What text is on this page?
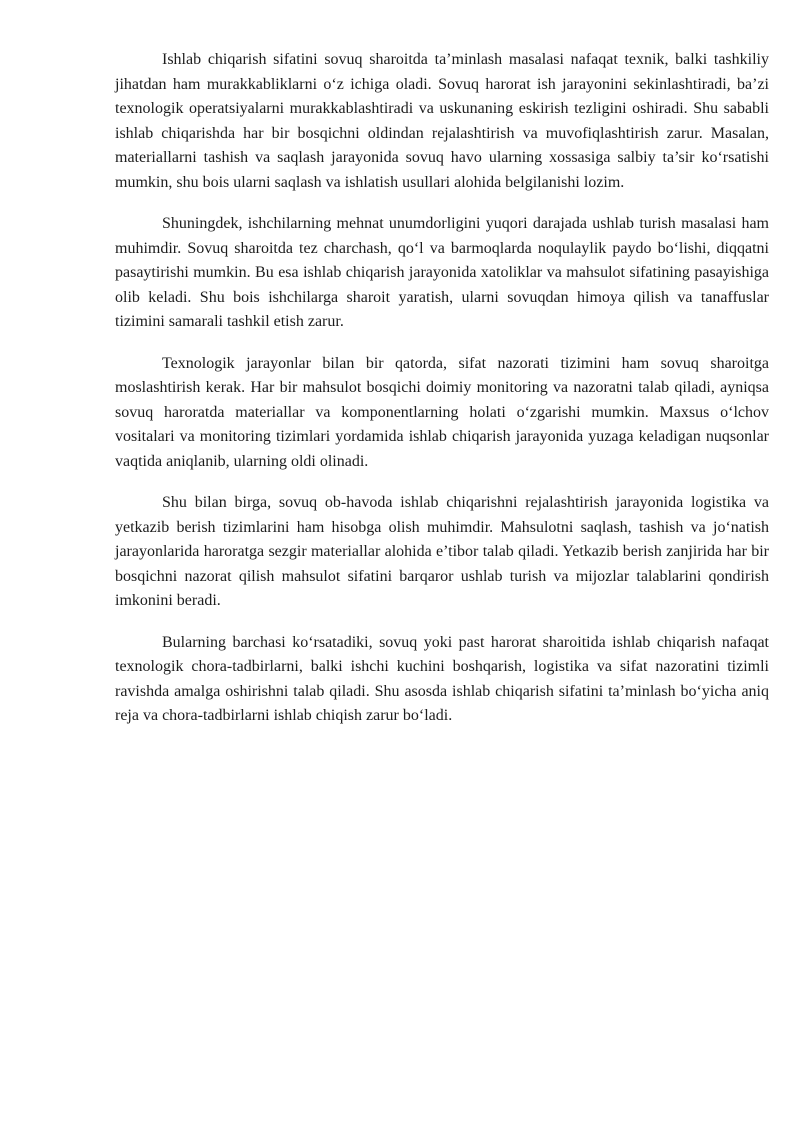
Ishlab chiqarish sifatini sovuq sharoitda ta’minlash masalasi nafaqat texnik, balki tashkiliy jihatdan ham murakkabliklarni o‘z ichiga oladi. Sovuq harorat ish jarayonini sekinlashtiradi, ba’zi texnologik operatsiyalarni murakkablashtiradi va uskunaning eskirish tezligini oshiradi. Shu sababli ishlab chiqarishda har bir bosqichni oldindan rejalashtirish va muvofiqlashtirish zarur. Masalan, materiallarni tashish va saqlash jarayonida sovuq havo ularning xossasiga salbiy ta’sir ko‘rsatishi mumkin, shu bois ularni saqlash va ishlatish usullari alohida belgilanishi lozim.

Shuningdek, ishchilarning mehnat unumdorligini yuqori darajada ushlab turish masalasi ham muhimdir. Sovuq sharoitda tez charchash, qo‘l va barmoqlarda noqulaylik paydo bo‘lishi, diqqatni pasaytirishi mumkin. Bu esa ishlab chiqarish jarayonida xatoliklar va mahsulot sifatining pasayishiga olib keladi. Shu bois ishchilarga sharoit yaratish, ularni sovuqdan himoya qilish va tanaffuslar tizimini samarali tashkil etish zarur.

Texnologik jarayonlar bilan bir qatorda, sifat nazorati tizimini ham sovuq sharoitga moslashtirish kerak. Har bir mahsulot bosqichi doimiy monitoring va nazoratni talab qiladi, ayniqsa sovuq haroratda materiallar va komponentlarning holati o‘zgarishi mumkin. Maxsus o‘lchov vositalari va monitoring tizimlari yordamida ishlab chiqarish jarayonida yuzaga keladigan nuqsonlar vaqtida aniqlanib, ularning oldi olinadi.

Shu bilan birga, sovuq ob-havoda ishlab chiqarishni rejalashtirish jarayonida logistika va yetkazib berish tizimlarini ham hisobga olish muhimdir. Mahsulotni saqlash, tashish va jo‘natish jarayonlarida haroratga sezgir materiallar alohida e’tibor talab qiladi. Yetkazib berish zanjirida har bir bosqichni nazorat qilish mahsulot sifatini barqaror ushlab turish va mijozlar talablarini qondirish imkonini beradi.

Bularning barchasi ko‘rsatadiki, sovuq yoki past harorat sharoitida ishlab chiqarish nafaqat texnologik chora-tadbirlarni, balki ishchi kuchini boshqarish, logistika va sifat nazoratini tizimli ravishda amalga oshirishni talab qiladi. Shu asosda ishlab chiqarish sifatini ta’minlash bo‘yicha aniq reja va chora-tadbirlarni ishlab chiqish zarur bo‘ladi.
